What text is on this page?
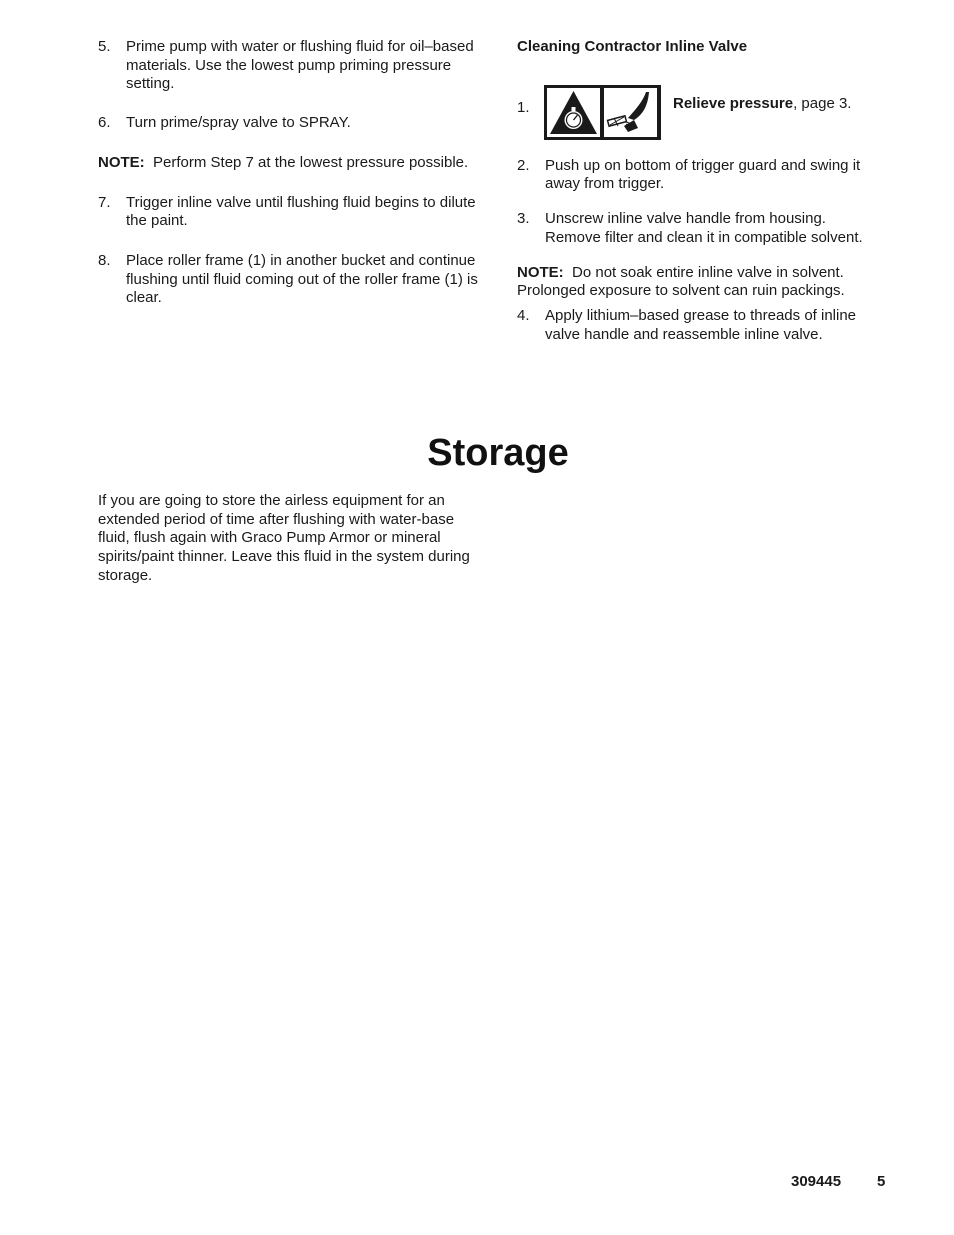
5. Prime pump with water or flushing fluid for oil–based materials. Use the lowest pump priming pressure setting.
6. Turn prime/spray valve to SPRAY.
NOTE: Perform Step 7 at the lowest pressure possible.
7. Trigger inline valve until flushing fluid begins to dilute the paint.
8. Place roller frame (1) in another bucket and continue flushing until fluid coming out of the roller frame (1) is clear.
Cleaning Contractor Inline Valve
1.	Relieve pressure, page 3.
2. Push up on bottom of trigger guard and swing it away from trigger.
3. Unscrew inline valve handle from housing. Remove filter and clean it in compatible solvent.
NOTE: Do not soak entire inline valve in solvent. Prolonged exposure to solvent can ruin packings.
4. Apply lithium–based grease to threads of inline valve handle and reassemble inline valve.
Storage
If you are going to store the airless equipment for an extended period of time after flushing with water-base fluid, flush again with Graco Pump Armor or mineral spirits/paint thinner. Leave this fluid in the system during storage.
309445 5
